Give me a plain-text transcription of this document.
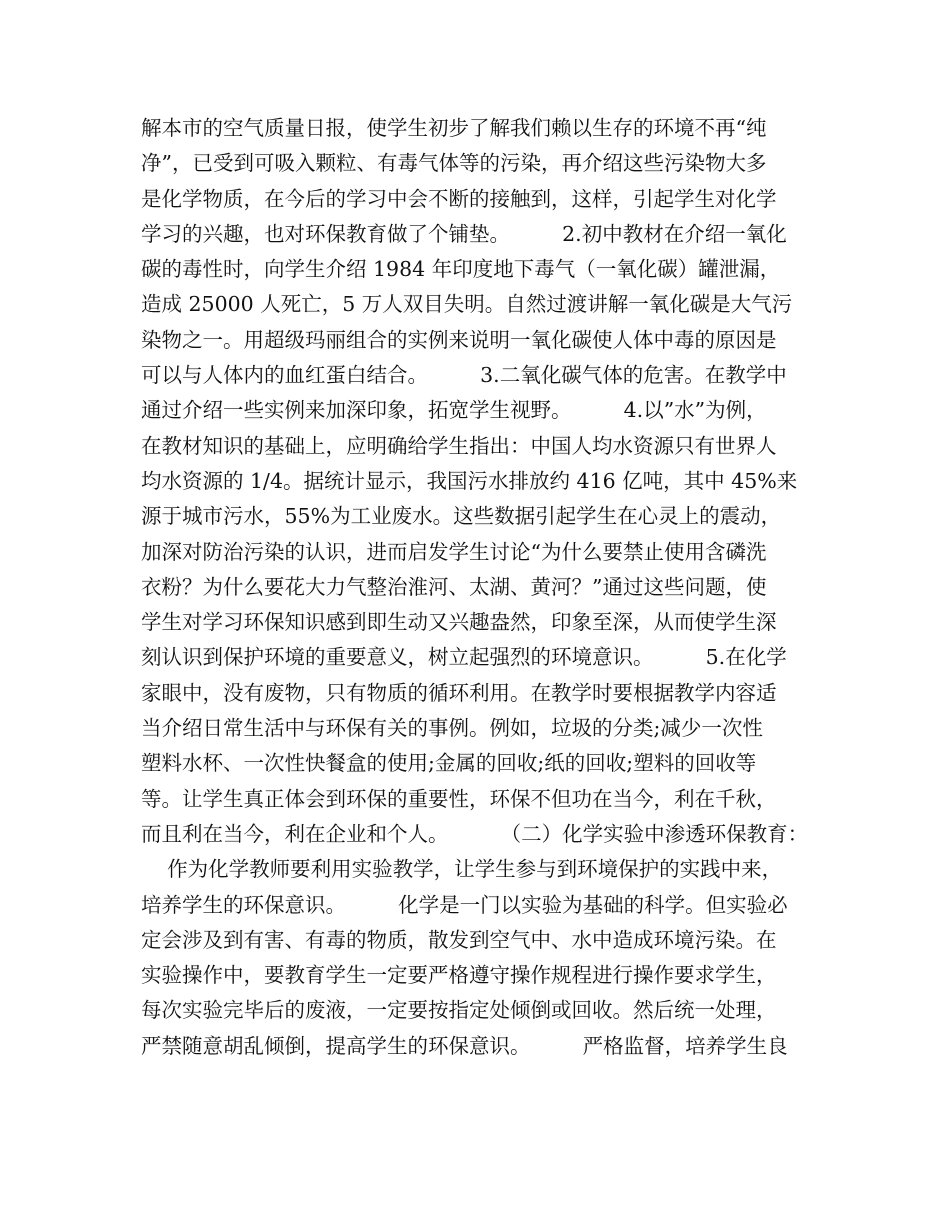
解本市的空气质量日报，使学生初步了解我们赖以生存的环境不再“纯
净”，已受到可吸入颗粒、有毒气体等的污染，再介绍这些污染物大多
是化学物质，在今后的学习中会不断的接触到，这样，引起学生对化学
学习的兴趣，也对环保教育做了个铺垫。        2.初中教材在介绍一氧化
碳的毒性时，向学生介绍 1984 年印度地下毒气（一氧化碳）罐泄漏，
造成 25000 人死亡，5 万人双目失明。自然过渡讲解一氧化碳是大气污
染物之一。用超级玛丽组合的实例来说明一氧化碳使人体中毒的原因是
可以与人体内的血红蛋白结合。        3.二氧化碳气体的危害。在教学中
通过介绍一些实例来加深印象，拓宽学生视野。        4.以”水”为例，
在教材知识的基础上，应明确给学生指出：中国人均水资源只有世界人
均水资源的 1/4。据统计显示，我国污水排放约 416 亿吨，其中 45%来
源于城市污水，55%为工业废水。这些数据引起学生在心灵上的震动，
加深对防治污染的认识，进而启发学生讨论“为什么要禁止使用含磷洗
衣粉？为什么要花大力气整治淮河、太湖、黄河？”通过这些问题，使
学生对学习环保知识感到即生动又兴趣盎然，印象至深，从而使学生深
刻认识到保护环境的重要意义，树立起强烈的环境意识。        5.在化学
家眼中，没有废物，只有物质的循环利用。在教学时要根据教学内容适
当介绍日常生活中与环保有关的事例。例如，垃圾的分类;减少一次性
塑料水杯、一次性快餐盒的使用;金属的回收;纸的回收;塑料的回收等
等。让学生真正体会到环保的重要性，环保不但功在当今，利在千秋，
而且利在当今，利在企业和个人。        （二）化学实验中渗透环保教育：
作为化学教师要利用实验教学，让学生参与到环境保护的实践中来，
培养学生的环保意识。        化学是一门以实验为基础的科学。但实验必
定会涉及到有害、有毒的物质，散发到空气中、水中造成环境污染。在
实验操作中，要教育学生一定要严格遵守操作规程进行操作要求学生，
每次实验完毕后的废液，一定要按指定处倾倒或回收。然后统一处理，
严禁随意胡乱倾倒，提高学生的环保意识。        严格监督，培养学生良
